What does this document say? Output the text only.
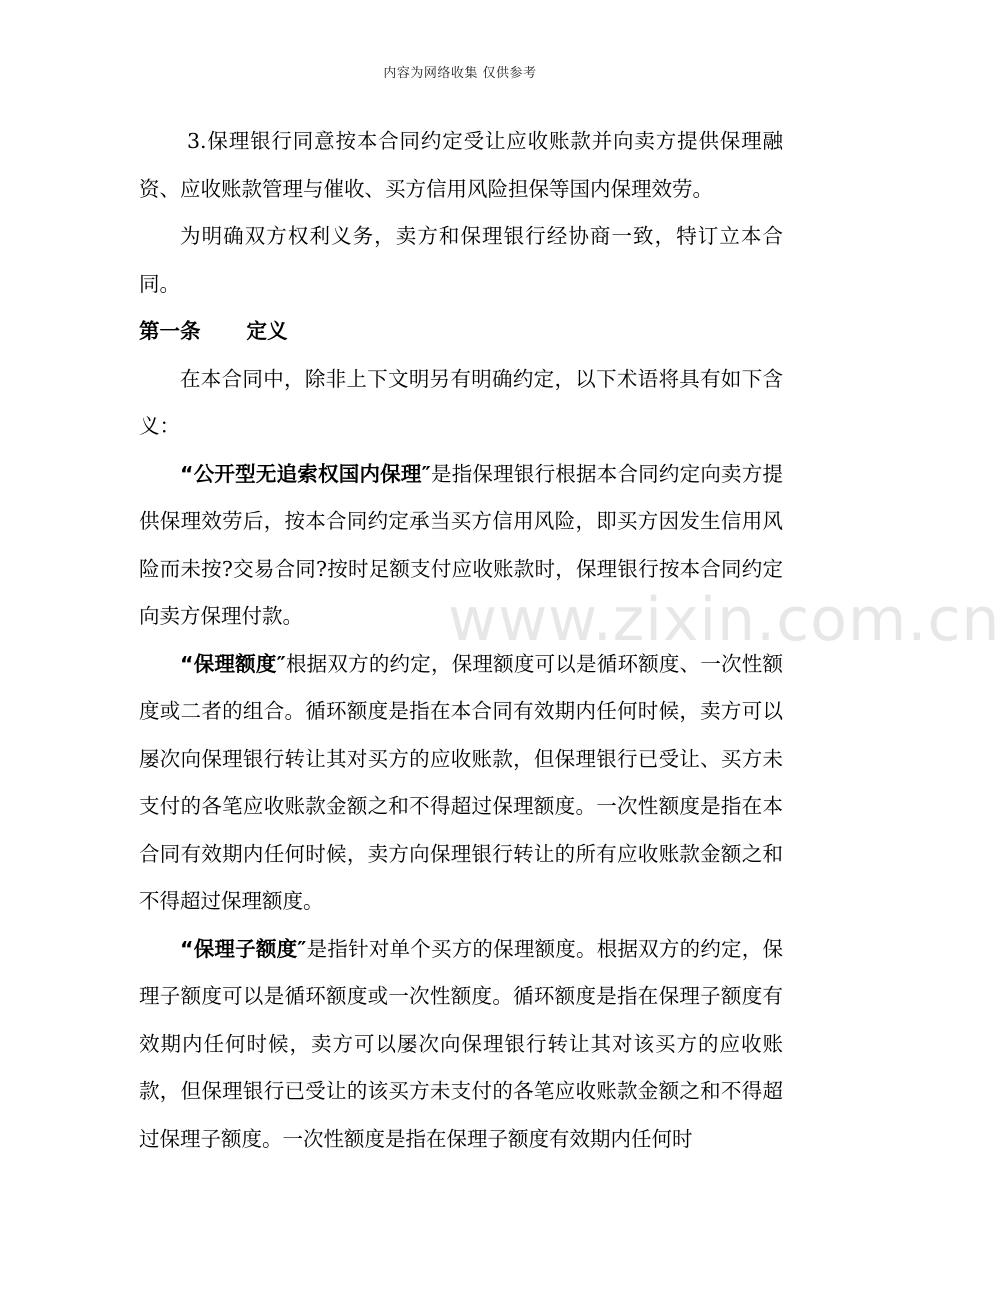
内容为网络收集 仅供参考

3.保理银行同意按本合同约定受让应收账款并向卖方提供保理融资、应收账款管理与催收、买方信用风险担保等国内保理效劳。

为明确双方权利义务，卖方和保理银行经协商一致，特订立本合同。

第一条 定义

在本合同中，除非上下文明另有明确约定，以下术语将具有如下含义：

“公开型无追索权国内保理″是指保理银行根据本合同约定向卖方提供保理效劳后，按本合同约定承当买方信用风险，即买方因发生信用风险而未按?交易合同?按时足额支付应收账款时，保理银行按本合同约定向卖方保理付款。

“保理额度″根据双方的约定，保理额度可以是循环额度、一次性额度或二者的组合。循环额度是指在本合同有效期内任何时候，卖方可以屡次向保理银行转让其对买方的应收账款，但保理银行已受让、买方未支付的各笔应收账款金额之和不得超过保理额度。一次性额度是指在本合同有效期内任何时候，卖方向保理银行转让的所有应收账款金额之和不得超过保理额度。

“保理子额度″是指针对单个买方的保理额度。根据双方的约定，保理子额度可以是循环额度或一次性额度。循环额度是指在保理子额度有效期内任何时候，卖方可以屡次向保理银行转让其对该买方的应收账款，但保理银行已受让的该买方未支付的各笔应收账款金额之和不得超过保理子额度。一次性额度是指在保理子额度有效期内任何时

www.zixin.com.cn
